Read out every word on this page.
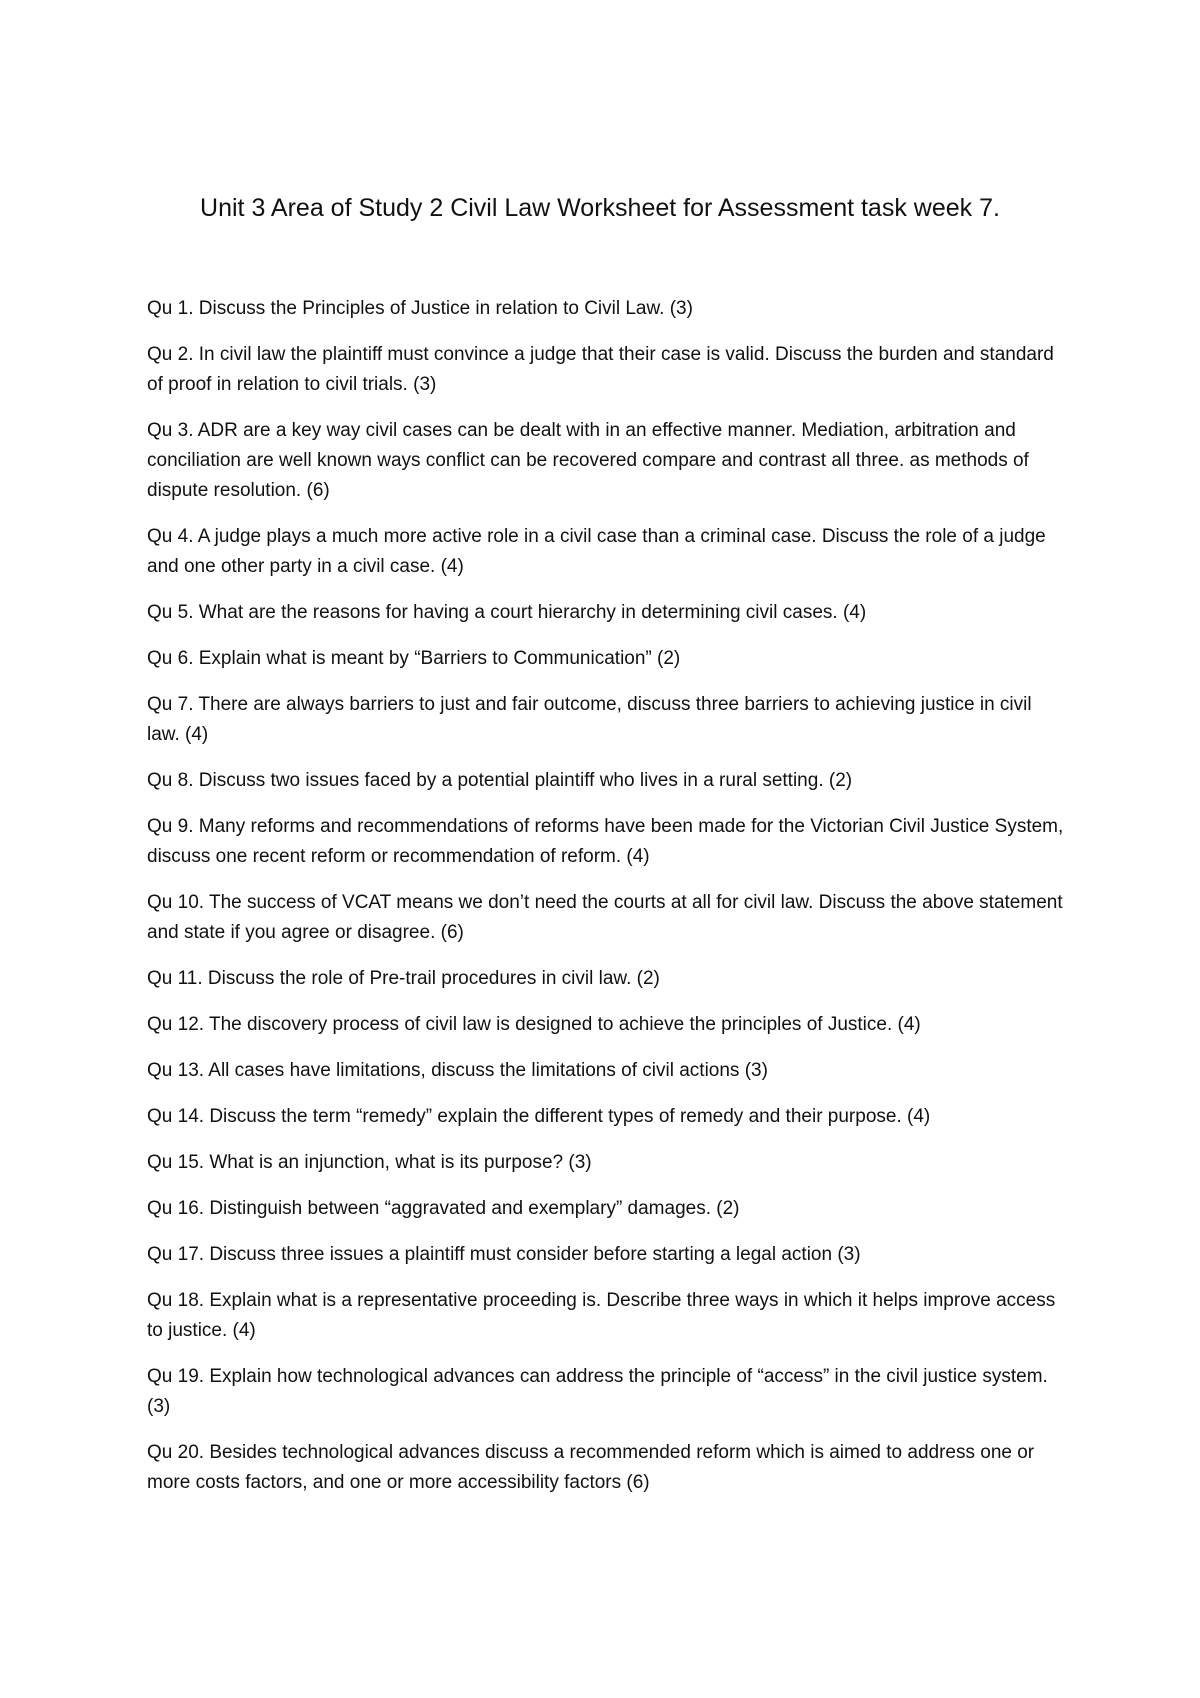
Unit 3 Area of Study 2 Civil Law Worksheet for Assessment task week 7.
Qu 1. Discuss the Principles of Justice in relation to Civil Law. (3)
Qu 2. In civil law the plaintiff must convince a judge that their case is valid. Discuss the burden and standard of proof in relation to civil trials. (3)
Qu 3. ADR are a key way civil cases can be dealt with in an effective manner. Mediation, arbitration and conciliation are well known ways conflict can be recovered compare and contrast all three. as methods of dispute resolution. (6)
Qu 4. A judge plays a much more active role in a civil case than a criminal case. Discuss the role of a judge and one other party in a civil case. (4)
Qu 5. What are the reasons for having a court hierarchy in determining civil cases. (4)
Qu 6. Explain what is meant by “Barriers to Communication” (2)
Qu 7. There are always barriers to just and fair outcome, discuss three barriers to achieving justice in civil law. (4)
Qu 8. Discuss two issues faced by a potential plaintiff who lives in a rural setting. (2)
Qu 9. Many reforms and recommendations of reforms have been made for the Victorian Civil Justice System, discuss one recent reform or recommendation of reform. (4)
Qu 10. The success of VCAT means we don’t need the courts at all for civil law. Discuss the above statement and state if you agree or disagree. (6)
Qu 11. Discuss the role of Pre-trail procedures in civil law. (2)
Qu 12. The discovery process of civil law is designed to achieve the principles of Justice. (4)
Qu 13. All cases have limitations, discuss the limitations of civil actions (3)
Qu 14. Discuss the term “remedy” explain the different types of remedy and their purpose. (4)
Qu 15. What is an injunction, what is its purpose? (3)
Qu 16. Distinguish between “aggravated and exemplary” damages. (2)
Qu 17. Discuss three issues a plaintiff must consider before starting a legal action (3)
Qu 18. Explain what is a representative proceeding is. Describe three ways in which it helps improve access to justice. (4)
Qu 19. Explain how technological advances can address the principle of “access” in the civil justice system. (3)
Qu 20. Besides technological advances discuss a recommended reform which is aimed to address one or more costs factors, and one or more accessibility factors (6)
